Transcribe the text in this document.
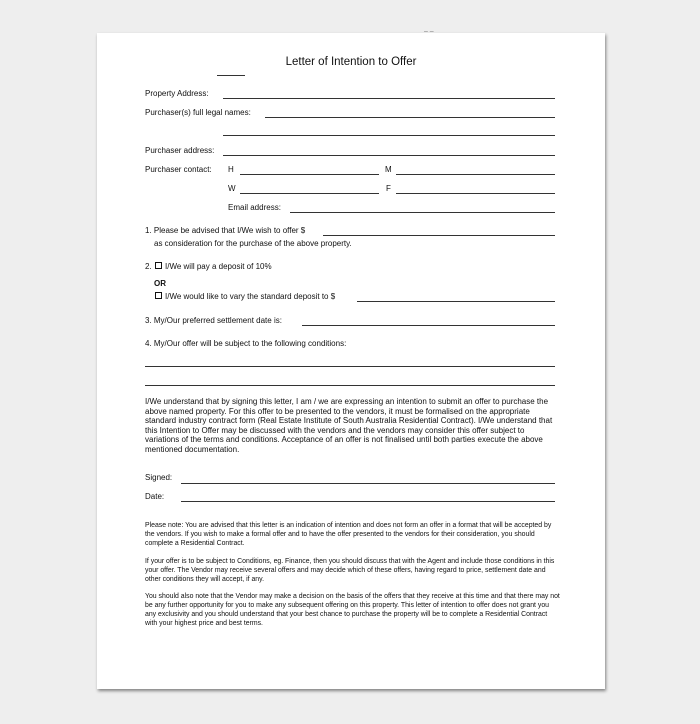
– –
Letter of Intention to Offer
Property Address:
Purchaser(s) full legal names:
Purchaser address:
Purchaser contact: H	M
W	F
Email address:
1. Please be advised that I/We wish to offer $
as consideration for the purchase of the above property.
2.	I/We will pay a deposit of 10%
OR
I/We would like to vary the standard deposit to $
3. My/Our preferred settlement date is:
4. My/Our offer will be subject to the following conditions:
I/We understand that by signing this letter, I am / we are expressing an intention to submit an offer to purchase the above named property. For this offer to be presented to the vendors, it must be formalised on the appropriate standard industry contract form (Real Estate Institute of South Australia Residential Contract). I/We understand that this Intention to Offer may be discussed with the vendors and the vendors may consider this offer subject to variations of the terms and conditions. Acceptance of an offer is not finalised until both parties execute the above mentioned documentation.
Signed:
Date:
Please note: You are advised that this letter is an indication of intention and does not form an offer in a format that will be accepted by the vendors. If you wish to make a formal offer and to have the offer presented to the vendors for their consideration, you should complete a Residential Contract.
If your offer is to be subject to Conditions, eg. Finance, then you should discuss that with the Agent and include those conditions in this your offer. The Vendor may receive several offers and may decide which of these offers, having regard to price, settlement date and other conditions they will accept, if any.
You should also note that the Vendor may make a decision on the basis of the offers that they receive at this time and that there may not be any further opportunity for you to make any subsequent offering on this property. This letter of intention to offer does not grant you any exclusivity and you should understand that your best chance to purchase the property will be to complete a Residential Contract with your highest price and best terms.
